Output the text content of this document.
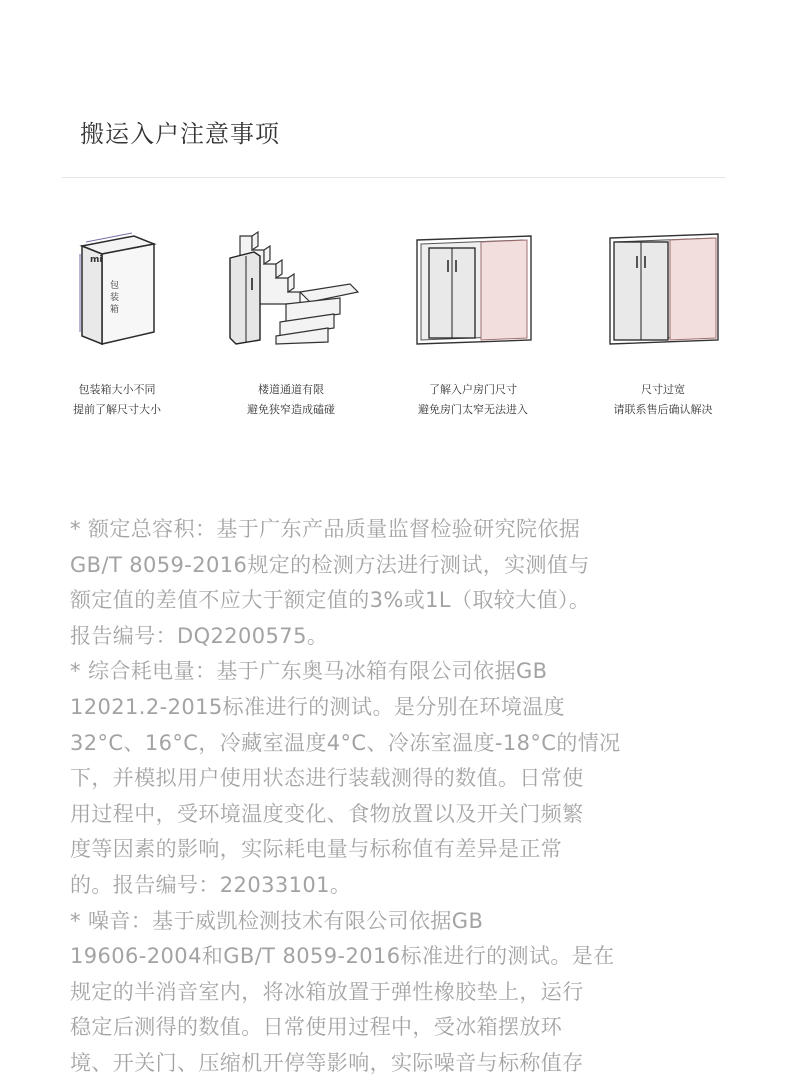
搬运入户注意事项
mi
包
装
箱
包装箱大小不同
提前了解尺寸大小
楼道通道有限
避免狭窄造成磕碰
了解入户房门尺寸
避免房门太窄无法进入
尺寸过宽
请联系售后确认解决

* 额定总容积：基于广东产品质量监督检验研究院依据

GB/T 8059-2016规定的检测方法进行测试，实测值与

额定值的差值不应大于额定值的3%或1L（取较大值）。

报告编号：DQ2200575。

* 综合耗电量：基于广东奥马冰箱有限公司依据GB

12021.2-2015标准进行的测试。是分别在环境温度

32°C、16°C，冷藏室温度4°C、冷冻室温度-18°C的情况

下，并模拟用户使用状态进行装载测得的数值。日常使

用过程中，受环境温度变化、食物放置以及开关门频繁

度等因素的影响，实际耗电量与标称值有差异是正常

的。报告编号：22033101。

* 噪音：基于威凯检测技术有限公司依据GB

19606-2004和GB/T 8059-2016标准进行的测试。是在

规定的半消音室内，将冰箱放置于弹性橡胶垫上，运行

稳定后测得的数值。日常使用过程中，受冰箱摆放环

境、开关门、压缩机开停等影响，实际噪音与标称值存
